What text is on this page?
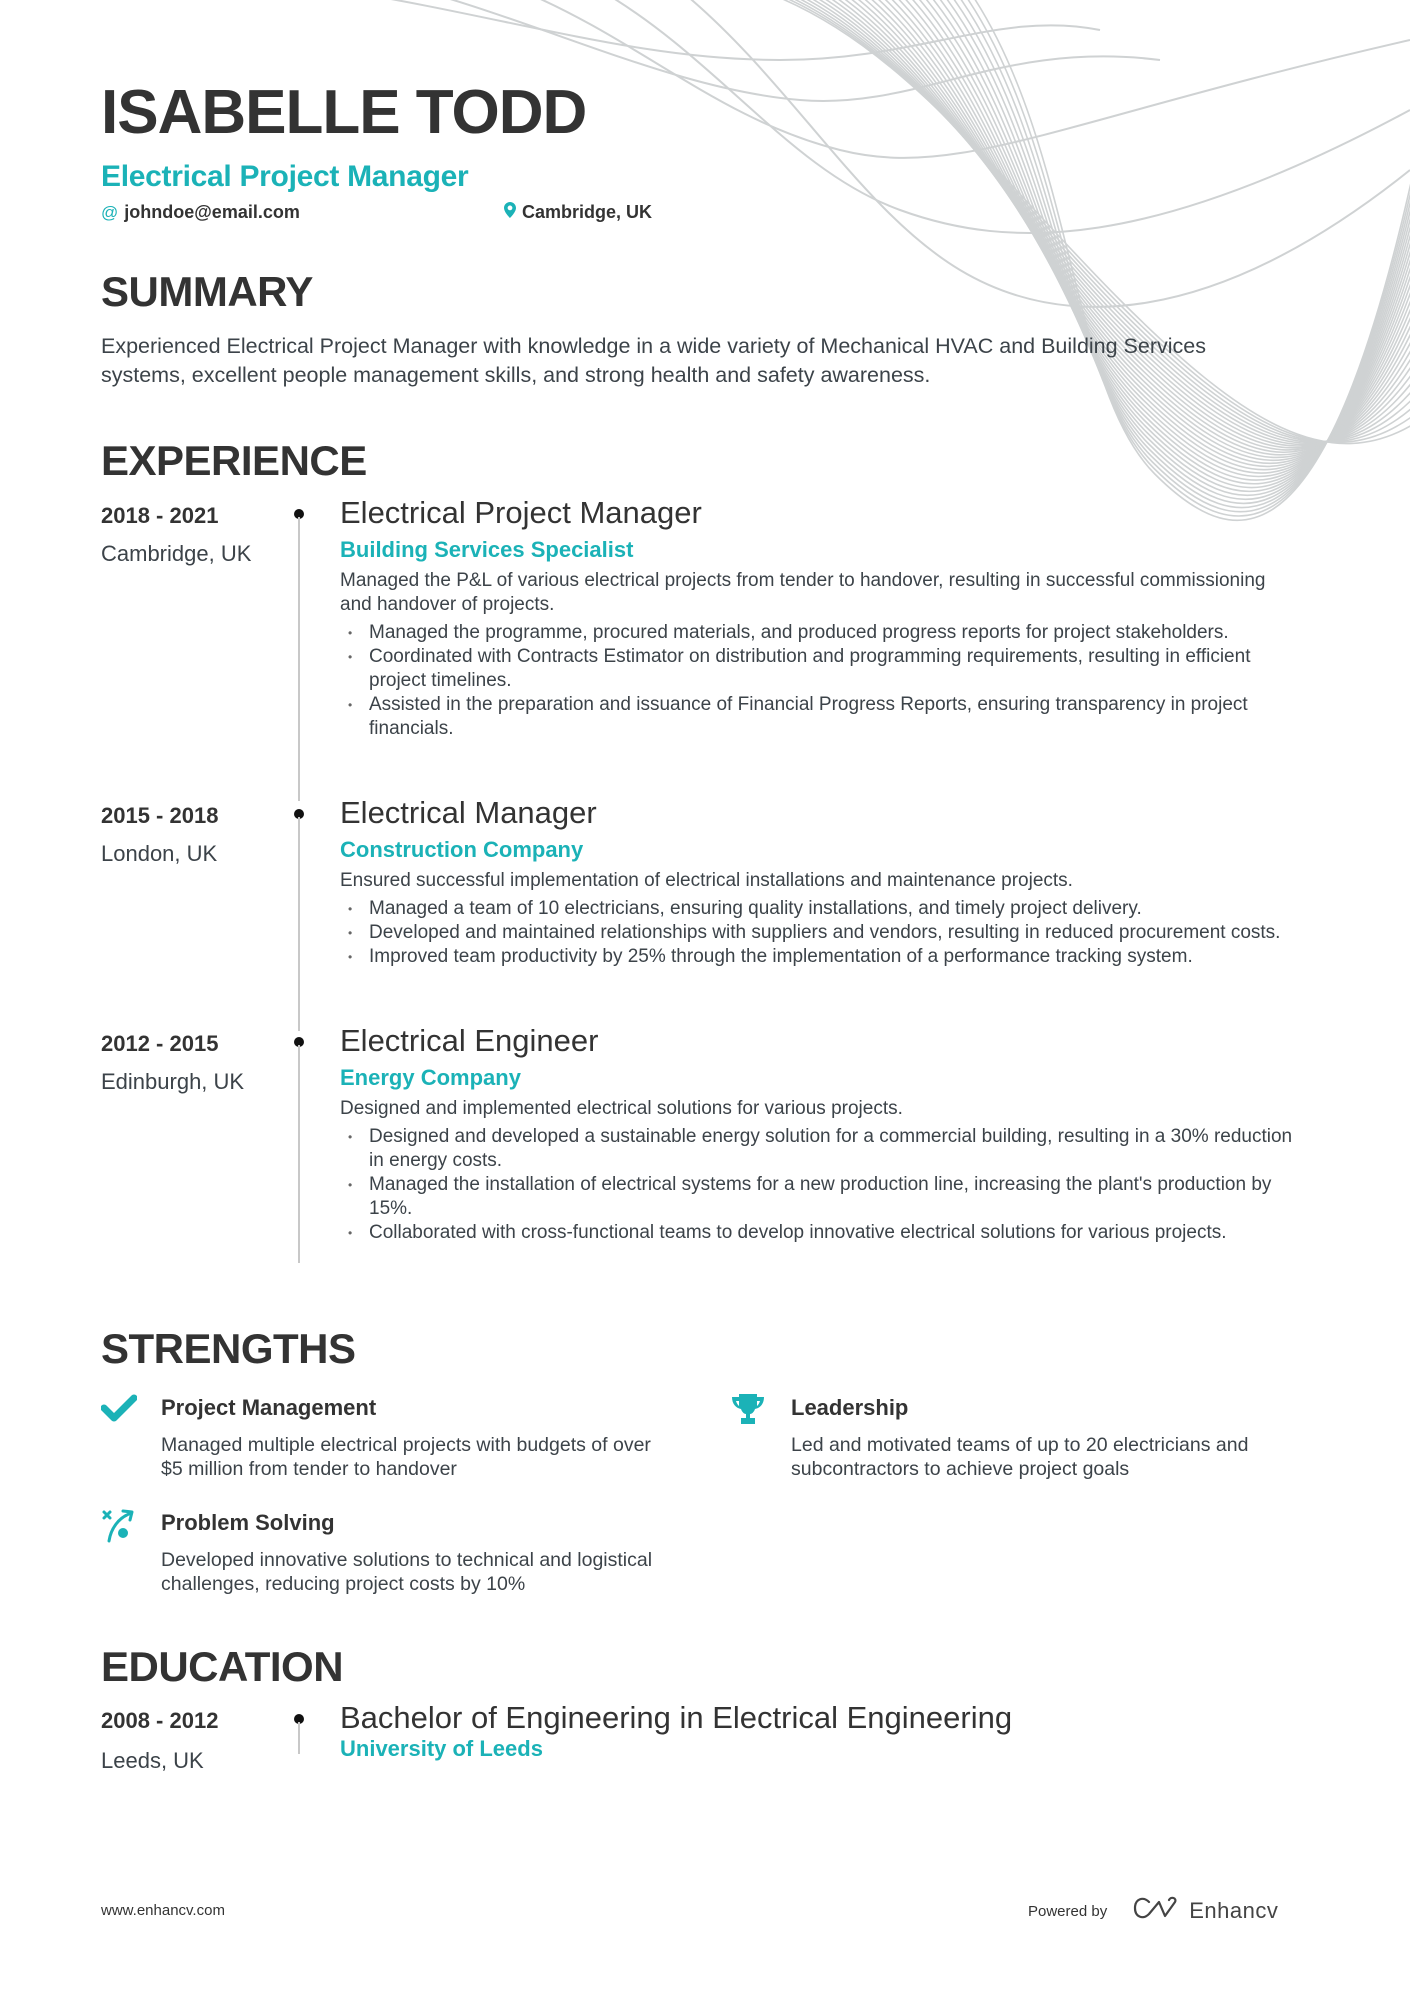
ISABELLE TODD
Electrical Project Manager
@ johndoe@email.com	Cambridge, UK
SUMMARY

Experienced Electrical Project Manager with knowledge in a wide variety of Mechanical HVAC and Building Services systems, excellent people management skills, and strong health and safety awareness.

EXPERIENCE
2018 - 2021
Cambridge, UK
Electrical Project Manager
Building Services Specialist
Managed the P&L of various electrical projects from tender to handover, resulting in successful commissioning and handover of projects.
• Managed the programme, procured materials, and produced progress reports for project stakeholders.
• Coordinated with Contracts Estimator on distribution and programming requirements, resulting in efficient project timelines.
• Assisted in the preparation and issuance of Financial Progress Reports, ensuring transparency in project financials.
2015 - 2018
London, UK
Electrical Manager
Construction Company
Ensured successful implementation of electrical installations and maintenance projects.
• Managed a team of 10 electricians, ensuring quality installations, and timely project delivery.
• Developed and maintained relationships with suppliers and vendors, resulting in reduced procurement costs.
• Improved team productivity by 25% through the implementation of a performance tracking system.
2012 - 2015
Edinburgh, UK
Electrical Engineer
Energy Company
Designed and implemented electrical solutions for various projects.
• Designed and developed a sustainable energy solution for a commercial building, resulting in a 30% reduction in energy costs.
• Managed the installation of electrical systems for a new production line, increasing the plant's production by 15%.
• Collaborated with cross-functional teams to develop innovative electrical solutions for various projects.
STRENGTHS
Project Management
Managed multiple electrical projects with budgets of over $5 million from tender to handover
Leadership
Led and motivated teams of up to 20 electricians and subcontractors to achieve project goals
Problem Solving
Developed innovative solutions to technical and logistical challenges, reducing project costs by 10%
EDUCATION
2008 - 2012
Leeds, UK
Bachelor of Engineering in Electrical Engineering
University of Leeds
www.enhancv.com	Powered by	Enhancv
